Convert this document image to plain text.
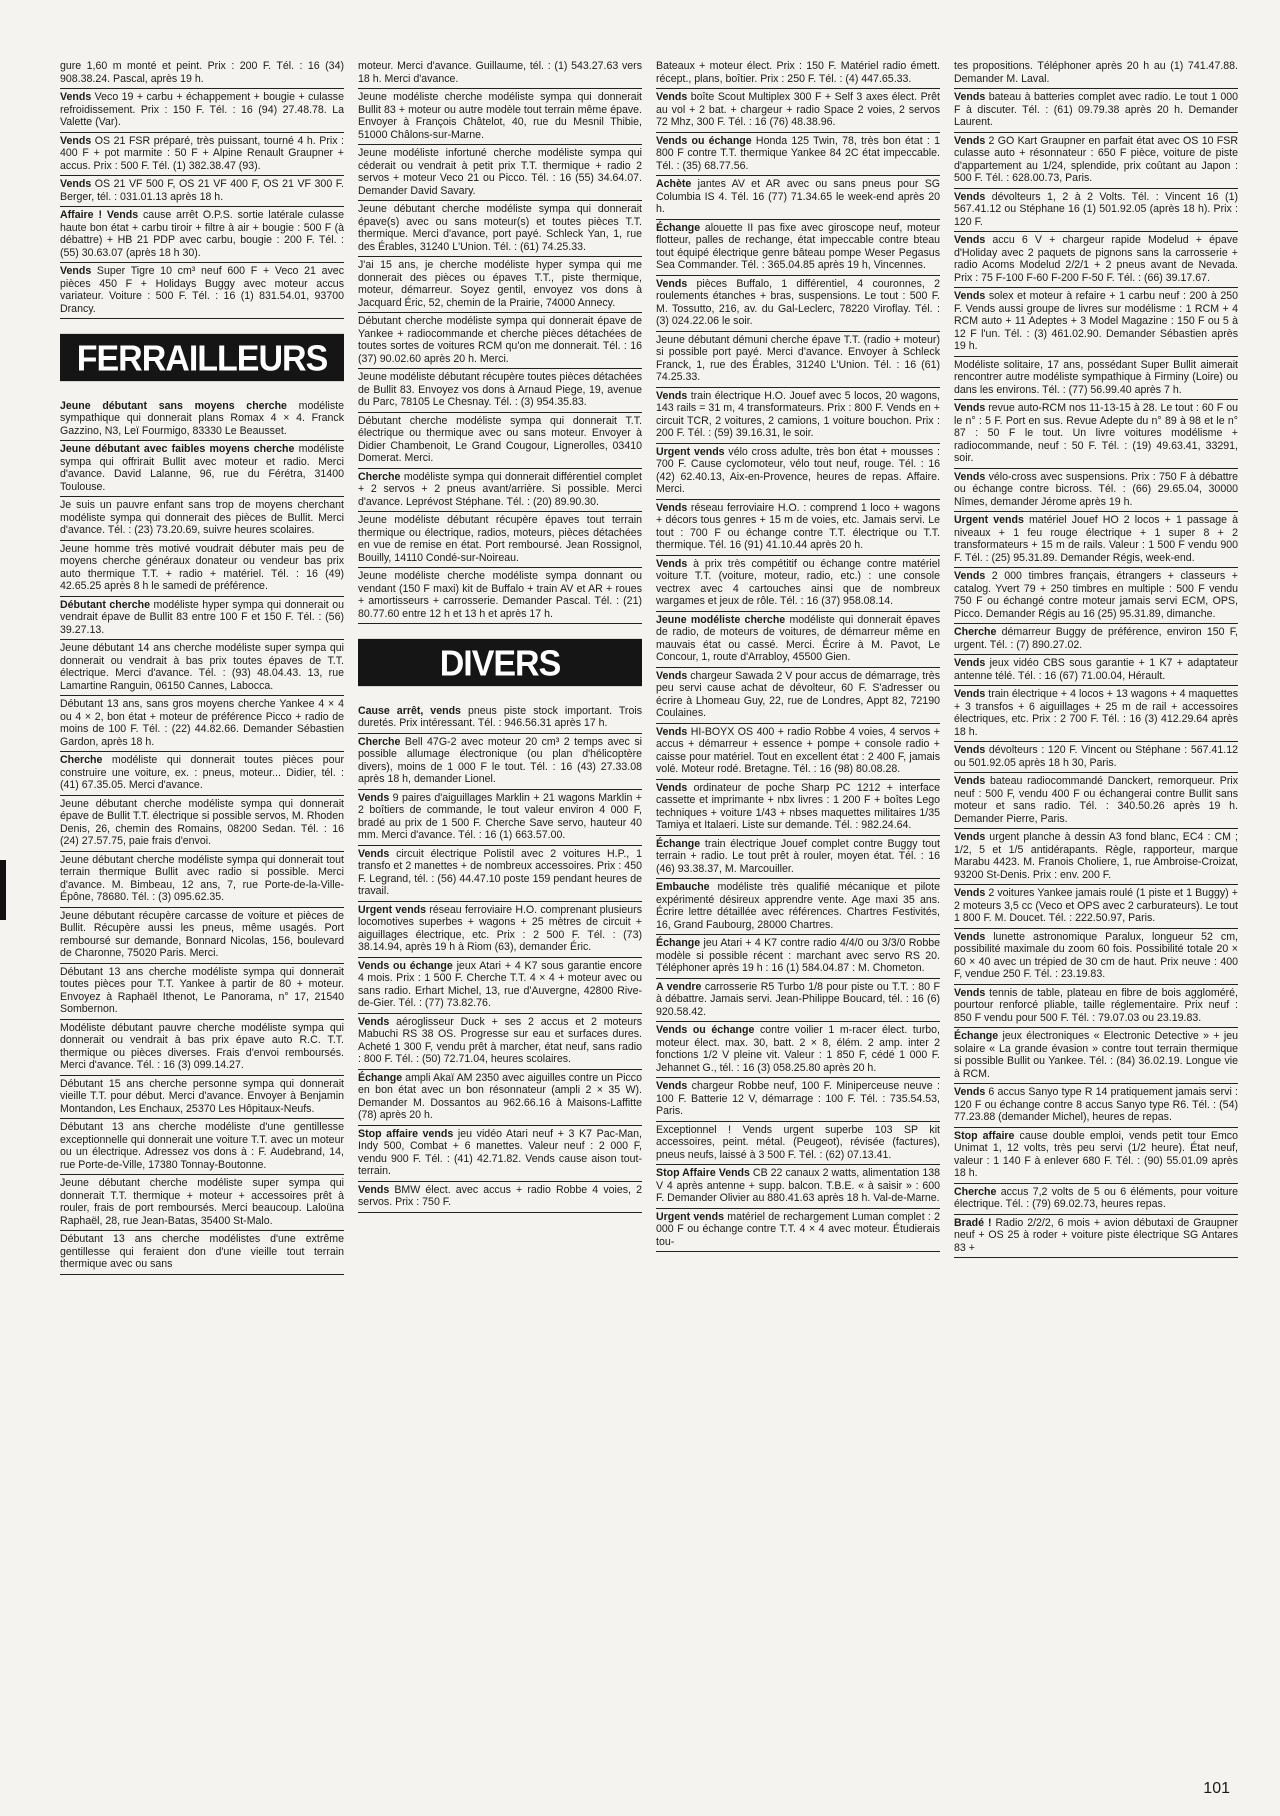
gure 1,60 m monté et peint. Prix : 200 F. Tél. : 16 (34) 908.38.24. Pascal, après 19 h.

Vends Veco 19 + carbu + échappement + bougie + culasse refroidissement. Prix : 150 F. Tél. : 16 (94) 27.48.78. La Valette (Var).

Vends OS 21 FSR préparé, très puissant, tourné 4 h. Prix : 400 F + pot marmite : 50 F + Alpine Renault Graupner + accus. Prix : 500 F. Tél. (1) 382.38.47 (93).

Vends OS 21 VF 500 F, OS 21 VF 400 F, OS 21 VF 300 F. Berger, tél. : 031.01.13 après 18 h.

Affaire ! Vends cause arrêt O.P.S. sortie latérale culasse haute bon état + carbu tiroir + filtre à air + bougie : 500 F (à débattre) + HB 21 PDP avec carbu, bougie : 200 F. Tél. : (55) 30.63.07 (après 18 h 30).

Vends Super Tigre 10 cm³ neuf 600 F + Veco 21 avec pièces 450 F + Holidays Buggy avec moteur accus variateur. Voiture : 500 F. Tél. : 16 (1) 831.54.01, 93700 Drancy.

FERRAILLEURS

Jeune débutant sans moyens cherche modéliste sympathique qui donnerait plans Romax 4 × 4. Franck Gazzino, N3, Leï Fourmigo, 83330 Le Beausset.

Jeune débutant avec faibles moyens cherche modéliste sympa qui offrirait Bullit avec moteur et radio. Merci d'avance. David Lalanne, 96, rue du Férétra, 31400 Toulouse.

Je suis un pauvre enfant sans trop de moyens cherchant modéliste sympa qui donnerait des pièces de Bullit. Merci d'avance. Tél. : (23) 73.20.69, suivre heures scolaires.

Jeune homme très motivé voudrait débuter mais peu de moyens cherche généraux donateur ou vendeur bas prix auto thermique T.T. + radio + matériel. Tél. : 16 (49) 42.65.25 après 8 h le samedi de préférence.

Débutant cherche modéliste hyper sympa qui donnerait ou vendrait épave de Bullit 83 entre 100 F et 150 F. Tél. : (56) 39.27.13.

Jeune débutant 14 ans cherche modéliste super sympa qui donnerait ou vendrait à bas prix toutes épaves de T.T. électrique. Merci d'avance. Tél. : (93) 48.04.43. 13, rue Lamartine Ranguin, 06150 Cannes, Labocca.

Débutant 13 ans, sans gros moyens cherche Yankee 4 × 4 ou 4 × 2, bon état + moteur de préférence Picco + radio de moins de 100 F. Tél. : (22) 44.82.66. Demander Sébastien Gardon, après 18 h.

Cherche modéliste qui donnerait toutes pièces pour construire une voiture, ex. : pneus, moteur... Didier, tél. : (41) 67.35.05. Merci d'avance.

Jeune débutant cherche modéliste sympa qui donnerait épave de Bullit T.T. électrique si possible servos, M. Rhoden Denis, 26, chemin des Romains, 08200 Sedan. Tél. : 16 (24) 27.57.75, paie frais d'envoi.

Jeune débutant cherche modéliste sympa qui donnerait tout terrain thermique Bullit avec radio si possible. Merci d'avance. M. Bimbeau, 12 ans, 7, rue Porte-de-la-Ville-Épône, 78680. Tél. : (3) 095.62.35.

Jeune débutant récupère carcasse de voiture et pièces de Bullit. Récupère aussi les pneus, même usagés. Port remboursé sur demande, Bonnard Nicolas, 156, boulevard de Charonne, 75020 Paris. Merci.

Débutant 13 ans cherche modéliste sympa qui donnerait toutes pièces pour T.T. Yankee à partir de 80 + moteur. Envoyez à Raphaël Ithenot, Le Panorama, n° 17, 21540 Sombernon.

Modéliste débutant pauvre cherche modéliste sympa qui donnerait ou vendrait à bas prix épave auto R.C. T.T. thermique ou pièces diverses. Frais d'envoi remboursés. Merci d'avance. Tél. : 16 (3) 099.14.27.

Débutant 15 ans cherche personne sympa qui donnerait vieille T.T. pour début. Merci d'avance. Envoyer à Benjamin Montandon, Les Enchaux, 25370 Les Hôpitaux-Neufs.

Débutant 13 ans cherche modéliste d'une gentillesse exceptionnelle qui donnerait une voiture T.T. avec un moteur ou un électrique. Adressez vos dons à : F. Audebrand, 14, rue Porte-de-Ville, 17380 Tonnay-Boutonne.

Jeune débutant cherche modéliste super sympa qui donnerait T.T. thermique + moteur + accessoires prêt à rouler, frais de port remboursés. Merci beaucoup. Laloüna Raphaël, 28, rue Jean-Batas, 35400 St-Malo.

Débutant 13 ans cherche modélistes d'une extrême gentillesse qui feraient don d'une vieille tout terrain thermique avec ou sans

moteur. Merci d'avance. Guillaume, tél. : (1) 543.27.63 vers 18 h. Merci d'avance.

Jeune modéliste cherche modéliste sympa qui donnerait Bullit 83 + moteur ou autre modèle tout terrain même épave. Envoyer à François Châtelot, 40, rue du Mesnil Thibie, 51000 Châlons-sur-Marne.

Jeune modéliste infortuné cherche modéliste sympa qui céderait ou vendrait à petit prix T.T. thermique + radio 2 servos + moteur Veco 21 ou Picco. Tél. : 16 (55) 34.64.07. Demander David Savary.

Jeune débutant cherche modéliste sympa qui donnerait épave(s) avec ou sans moteur(s) et toutes pièces T.T. thermique. Merci d'avance, port payé. Schleck Yan, 1, rue des Érables, 31240 L'Union. Tél. : (61) 74.25.33.

J'ai 15 ans, je cherche modéliste hyper sympa qui me donnerait des pièces ou épaves T.T., piste thermique, moteur, démarreur. Soyez gentil, envoyez vos dons à Jacquard Éric, 52, chemin de la Prairie, 74000 Annecy.

Débutant cherche modéliste sympa qui donnerait épave de Yankee + radiocommande et cherche pièces détachées de toutes sortes de voitures RCM qu'on me donnerait. Tél. : 16 (37) 90.02.60 après 20 h. Merci.

Jeune modéliste débutant récupère toutes pièces détachées de Bullit 83. Envoyez vos dons à Arnaud Piege, 19, avenue du Parc, 78105 Le Chesnay. Tél. : (3) 954.35.83.

Débutant cherche modéliste sympa qui donnerait T.T. électrique ou thermique avec ou sans moteur. Envoyer à Didier Chambenoit, Le Grand Cougour, Lignerolles, 03410 Domerat. Merci.

Cherche modéliste sympa qui donnerait différentiel complet + 2 servos + 2 pneus avant/arrière. Si possible. Merci d'avance. Leprévost Stéphane. Tél. : (20) 89.90.30.

Jeune modéliste débutant récupère épaves tout terrain thermique ou électrique, radios, moteurs, pièces détachées en vue de remise en état. Port remboursé. Jean Rossignol, Bouilly, 14110 Condé-sur-Noireau.

Jeune modéliste cherche modéliste sympa donnant ou vendant (150 F maxi) kit de Buffalo + train AV et AR + roues + amortisseurs + carrosserie. Demander Pascal. Tél. : (21) 80.77.60 entre 12 h et 13 h et après 17 h.

DIVERS

Cause arrêt, vends pneus piste stock important. Trois duretés. Prix intéressant. Tél. : 946.56.31 après 17 h.

Cherche Bell 47G-2 avec moteur 20 cm³ 2 temps avec si possible allumage électronique (ou plan d'hélicoptère divers), moins de 1 000 F le tout. Tél. : 16 (43) 27.33.08 après 18 h, demander Lionel.

Vends 9 paires d'aiguillages Marklin + 21 wagons Marklin + 2 boîtiers de commande, le tout valeur environ 4 000 F, bradé au prix de 1 500 F. Cherche Save servo, hauteur 40 mm. Merci d'avance. Tél. : 16 (1) 663.57.00.

Vends circuit électrique Polistil avec 2 voitures H.P., 1 transfo et 2 manettes + de nombreux accessoires. Prix : 450 F. Legrand, tél. : (56) 44.47.10 poste 159 pendant heures de travail.

Urgent vends réseau ferroviaire H.O. comprenant plusieurs locomotives superbes + wagons + 25 mètres de circuit + aiguillages électrique, etc. Prix : 2 500 F. Tél. : (73) 38.14.94, après 19 h à Riom (63), demander Éric.

Vends ou échange jeux Atari + 4 K7 sous garantie encore 4 mois. Prix : 1 500 F. Cherche T.T. 4 × 4 + moteur avec ou sans radio. Erhart Michel, 13, rue d'Auvergne, 42800 Rive-de-Gier. Tél. : (77) 73.82.76.

Vends aéroglisseur Duck + ses 2 accus et 2 moteurs Mabuchi RS 38 OS. Progresse sur eau et surfaces dures. Acheté 1 300 F, vendu prêt à marcher, état neuf, sans radio : 800 F. Tél. : (50) 72.71.04, heures scolaires.

Échange ampli Akaï AM 2350 avec aiguilles contre un Picco en bon état avec un bon résonnateur (ampli 2 × 35 W). Demander M. Dossantos au 962.66.16 à Maisons-Laffitte (78) après 20 h.

Stop affaire vends jeu vidéo Atari neuf + 3 K7 Pac-Man, Indy 500, Combat + 6 manettes. Valeur neuf : 2 000 F, vendu 900 F. Tél. : (41) 42.71.82. Vends cause aison tout-terrain.

Vends BMW élect. avec accus + radio Robbe 4 voies, 2 servos. Prix : 750 F.

Bateaux + moteur élect. Prix : 150 F. Matériel radio émett. récept., plans, boîtier. Prix : 250 F. Tél. : (4) 447.65.33.

Vends boîte Scout Multiplex 300 F + Self 3 axes élect. Prêt au vol + 2 bat. + chargeur + radio Space 2 voies, 2 servos 72 Mhz, 300 F. Tél. : 16 (76) 48.38.96.

Vends ou échange Honda 125 Twin, 78, très bon état : 1 800 F contre T.T. thermique Yankee 84 2C état impeccable. Tél. : (35) 68.77.56.

Achète jantes AV et AR avec ou sans pneus pour SG Columbia IS 4. Tél. 16 (77) 71.34.65 le week-end après 20 h.

Échange alouette II pas fixe avec giroscope neuf, moteur flotteur, palles de rechange, état impeccable contre bteau tout équipé électrique genre bâteau pompe Weser Pegasus Sea Commander. Tél. : 365.04.85 après 19 h, Vincennes.

Vends pièces Buffalo, 1 différentiel, 4 couronnes, 2 roulements étanches + bras, suspensions. Le tout : 500 F. M. Tossutto, 216, av. du Gal-Leclerc, 78220 Viroflay. Tél. : (3) 024.22.06 le soir.

Jeune débutant démuni cherche épave T.T. (radio + moteur) si possible port payé. Merci d'avance. Envoyer à Schleck Franck, 1, rue des Érables, 31240 L'Union. Tél. : 16 (61) 74.25.33.

Vends train électrique H.O. Jouef avec 5 locos, 20 wagons, 143 rails = 31 m, 4 transformateurs. Prix : 800 F. Vends en + circuit TCR, 2 voitures, 2 camions, 1 voiture bouchon. Prix : 200 F. Tél. : (59) 39.16.31, le soir.

Urgent vends vélo cross adulte, très bon état + mousses : 700 F. Cause cyclomoteur, vélo tout neuf, rouge. Tél. : 16 (42) 62.40.13, Aix-en-Provence, heures de repas. Affaire. Merci.

Vends réseau ferroviaire H.O. : comprend 1 loco + wagons + décors tous genres + 15 m de voies, etc. Jamais servi. Le tout : 700 F ou échange contre T.T. électrique ou T.T. thermique. Tél. 16 (91) 41.10.44 après 20 h.

Vends à prix très compétitif ou échange contre matériel voiture T.T. (voiture, moteur, radio, etc.) : une console vectrex avec 4 cartouches ainsi que de nombreux wargames et jeux de rôle. Tél. : 16 (37) 958.08.14.

Jeune modéliste cherche modéliste qui donnerait épaves de radio, de moteurs de voitures, de démarreur même en mauvais état ou cassé. Merci. Écrire à M. Pavot, Le Concour, 1, route d'Arrabloy, 45500 Gien.

Vends chargeur Sawada 2 V pour accus de démarrage, très peu servi cause achat de dévolteur, 60 F. S'adresser ou écrire à Lhomeau Guy, 22, rue de Londres, Appt 82, 72190 Coulaines.

Vends HI-BOYX OS 400 + radio Robbe 4 voies, 4 servos + accus + démarreur + essence + pompe + console radio + caisse pour matériel. Tout en excellent état : 2 400 F, jamais volé. Moteur rodé. Bretagne. Tél. : 16 (98) 80.08.28.

Vends ordinateur de poche Sharp PC 1212 + interface cassette et imprimante + nbx livres : 1 200 F + boîtes Lego techniques + voiture 1/43 + nbses maquettes militaires 1/35 Tamiya et Italaeri. Liste sur demande. Tél. : 982.24.64.

Échange train électrique Jouef complet contre Buggy tout terrain + radio. Le tout prêt à rouler, moyen état. Tél. : 16 (46) 93.38.37, M. Marcouiller.

Embauche modéliste très qualifié mécanique et pilote expérimenté désireux apprendre vente. Age maxi 35 ans. Écrire lettre détaillée avec références. Chartres Festivités, 16, Grand Faubourg, 28000 Chartres.

Échange jeu Atari + 4 K7 contre radio 4/4/0 ou 3/3/0 Robbe modèle si possible récent : marchant avec servo RS 20. Téléphoner après 19 h : 16 (1) 584.04.87 : M. Chometon.

A vendre carrosserie R5 Turbo 1/8 pour piste ou T.T. : 80 F à débattre. Jamais servi. Jean-Philippe Boucard, tél. : 16 (6) 920.58.42.

Vends ou échange contre voilier 1 m-racer élect. turbo, moteur élect. max. 30, batt. 2 × 8, élém. 2 amp. inter 2 fonctions 1/2 V pleine vit. Valeur : 1 850 F, cédé 1 000 F. Jehannet G., tél. : 16 (3) 058.25.80 après 20 h.

Vends chargeur Robbe neuf, 100 F. Miniperceuse neuve : 100 F. Batterie 12 V, démarrage : 100 F. Tél. : 735.54.53, Paris.

Exceptionnel ! Vends urgent superbe 103 SP kit accessoires, peint. métal. (Peugeot), révisée (factures), pneus neufs, laissé à 3 500 F. Tél. : (62) 07.13.41.

Stop Affaire Vends CB 22 canaux 2 watts, alimentation 138 V 4 après antenne + supp. balcon. T.B.E. « à saisir » : 600 F. Demander Olivier au 880.41.63 après 18 h. Val-de-Marne.

Urgent vends matériel de rechargement Luman complet : 2 000 F ou échange contre T.T. 4 × 4 avec moteur. Étudierais tou-

tes propositions. Téléphoner après 20 h au (1) 741.47.88. Demander M. Laval.

Vends bateau à batteries complet avec radio. Le tout 1 000 F à discuter. Tél. : (61) 09.79.38 après 20 h. Demander Laurent.

Vends 2 GO Kart Graupner en parfait état avec OS 10 FSR culasse auto + résonnateur : 650 F pièce, voiture de piste d'appartement au 1/24, splendide, prix coûtant au Japon : 500 F. Tél. : 628.00.73, Paris.

Vends dévolteurs 1, 2 à 2 Volts. Tél. : Vincent 16 (1) 567.41.12 ou Stéphane 16 (1) 501.92.05 (après 18 h). Prix : 120 F.

Vends accu 6 V + chargeur rapide Modelud + épave d'Holiday avec 2 paquets de pignons sans la carrosserie + radio Acoms Modelud 2/2/1 + 2 pneus avant de Nevada. Prix : 75 F-100 F-60 F-200 F-50 F. Tél. : (66) 39.17.67.

Vends solex et moteur à refaire + 1 carbu neuf : 200 à 250 F. Vends aussi groupe de livres sur modélisme : 1 RCM + 4 RCM auto + 11 Adeptes + 3 Model Magazine : 150 F ou 5 à 12 F l'un. Tél. : (3) 461.02.90. Demander Sébastien après 19 h.

Modéliste solitaire, 17 ans, possédant Super Bullit aimerait rencontrer autre modéliste sympathique à Firminy (Loire) ou dans les environs. Tél. : (77) 56.99.40 après 7 h.

Vends revue auto-RCM nos 11-13-15 à 28. Le tout : 60 F ou le n° : 5 F. Port en sus. Revue Adepte du n° 89 à 98 et le n° 87 : 50 F le tout. Un livre voitures modélisme + radiocommande, neuf : 50 F. Tél. : (19) 49.63.41, 33291, soir.

Vends vélo-cross avec suspensions. Prix : 750 F à débattre ou échange contre bicross. Tél. : (66) 29.65.04, 30000 Nîmes, demander Jérome après 19 h.

Urgent vends matériel Jouef HO 2 locos + 1 passage à niveaux + 1 feu rouge électrique + 1 super 8 + 2 transformateurs + 15 m de rails. Valeur : 1 500 F vendu 900 F. Tél. : (25) 95.31.89. Demander Régis, week-end.

Vends 2 000 timbres français, étrangers + classeurs + catalog. Yvert 79 + 250 timbres en multiple : 500 F vendu 750 F ou échangé contre moteur jamais servi ECM, OPS, Picco. Demander Régis au 16 (25) 95.31.89, dimanche.

Cherche démarreur Buggy de préférence, environ 150 F, urgent. Tél. : (7) 890.27.02.

Vends jeux vidéo CBS sous garantie + 1 K7 + adaptateur antenne télé. Tél. : 16 (67) 71.00.04, Hérault.

Vends train électrique + 4 locos + 13 wagons + 4 maquettes + 3 transfos + 6 aiguillages + 25 m de rail + accessoires électriques, etc. Prix : 2 700 F. Tél. : 16 (3) 412.29.64 après 18 h.

Vends dévolteurs : 120 F. Vincent ou Stéphane : 567.41.12 ou 501.92.05 après 18 h 30, Paris.

Vends bateau radiocommandé Danckert, remorqueur. Prix neuf : 500 F, vendu 400 F ou échangerai contre Bullit sans moteur et sans radio. Tél. : 340.50.26 après 19 h. Demander Pierre, Paris.

Vends urgent planche à dessin A3 fond blanc, EC4 : CM ; 1/2, 5 et 1/5 antidérapants. Règle, rapporteur, marque Marabu 4423. M. Franois Choliere, 1, rue Ambroise-Croizat, 93200 St-Denis. Prix : env. 200 F.

Vends 2 voitures Yankee jamais roulé (1 piste et 1 Buggy) + 2 moteurs 3,5 cc (Veco et OPS avec 2 carburateurs). Le tout 1 800 F. M. Doucet. Tél. : 222.50.97, Paris.

Vends lunette astronomique Paralux, longueur 52 cm, possibilité maximale du zoom 60 fois. Possibilité totale 20 × 60 × 40 avec un trépied de 30 cm de haut. Prix neuve : 400 F, vendue 250 F. Tél. : 23.19.83.

Vends tennis de table, plateau en fibre de bois aggloméré, pourtour renforcé pliable, taille réglementaire. Prix neuf : 850 F vendu pour 500 F. Tél. : 79.07.03 ou 23.19.83.

Échange jeux électroniques « Electronic Detective » + jeu solaire « La grande évasion » contre tout terrain thermique si possible Bullit ou Yankee. Tél. : (84) 36.02.19. Longue vie à RCM.

Vends 6 accus Sanyo type R 14 pratiquement jamais servi : 120 F ou échange contre 8 accus Sanyo type R6. Tél. : (54) 77.23.88 (demander Michel), heures de repas.

Stop affaire cause double emploi, vends petit tour Emco Unimat 1, 12 volts, très peu servi (1/2 heure). État neuf, valeur : 1 140 F à enlever 680 F. Tél. : (90) 55.01.09 après 18 h.

Cherche accus 7,2 volts de 5 ou 6 éléments, pour voiture électrique. Tél. : (79) 69.02.73, heures repas.

Bradé ! Radio 2/2/2, 6 mois + avion débutaxi de Graupner neuf + OS 25 à roder + voiture piste électrique SG Antares 83 +

101
